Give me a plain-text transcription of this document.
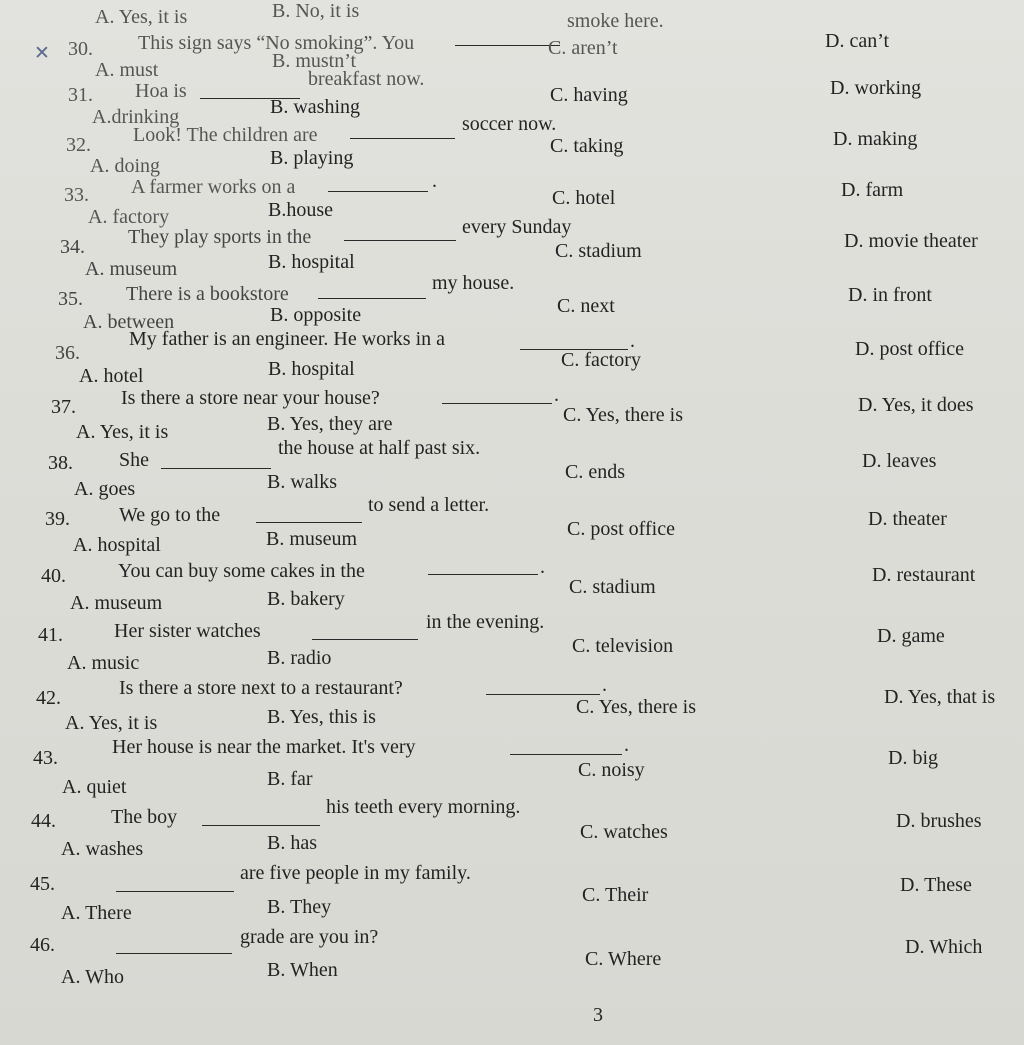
A. Yes, it is	B. No, it is
✕ 30. This sign says “No smoking”. You
smoke here.
A. must	B. mustn’t
C. aren’t	D. can’t
31. Hoa is
breakfast now.
A.drinking	B. washing
C. having	D. working
32. Look! The children are	soccer now.
A. doing	B. playing
C. taking	D. making
33. A farmer works on a	.
A. factory	B.house
C. hotel	D. farm
34. They play sports in the	every Sunday
A. museum	B. hospital	C. stadium	D. movie theater
35. There is a bookstore	my house.
A. between	B. opposite	C. next	D. in front
36.
My father is an engineer. He works in a	.
A. hotel	B. hospital	C. factory	D. post office
37. Is there a store near your house?	.
A. Yes, it is	B. Yes, they are	C. Yes, there is	D. Yes, it does
38. She
the house at half past six.
A. goes	B. walks	C. ends	D. leaves
39. We go to the	to send a letter.
A. hospital	B. museum	C. post office	D. theater
40.	You can buy some cakes in the	.
A. museum	B. bakery
C. stadium
D. restaurant
41.	Her sister watches	in the evening.
A. music	B. radio
C. television	D. game
42.	Is there a store next to a restaurant?	.
A. Yes, it is	B. Yes, this is	C. Yes, there is	D. Yes, that is
43.	Her house is near the market. It's very	.
A. quiet	B. far	C. noisy
D. big
44.	The boy	his teeth every morning.
A. washes	B. has	C. watches	D. brushes
45.	are five people in my family.
A. There	B. They
C. Their	D. These
46.	grade are you in?
A. Who	B. When	C. Where
D. Which
3
